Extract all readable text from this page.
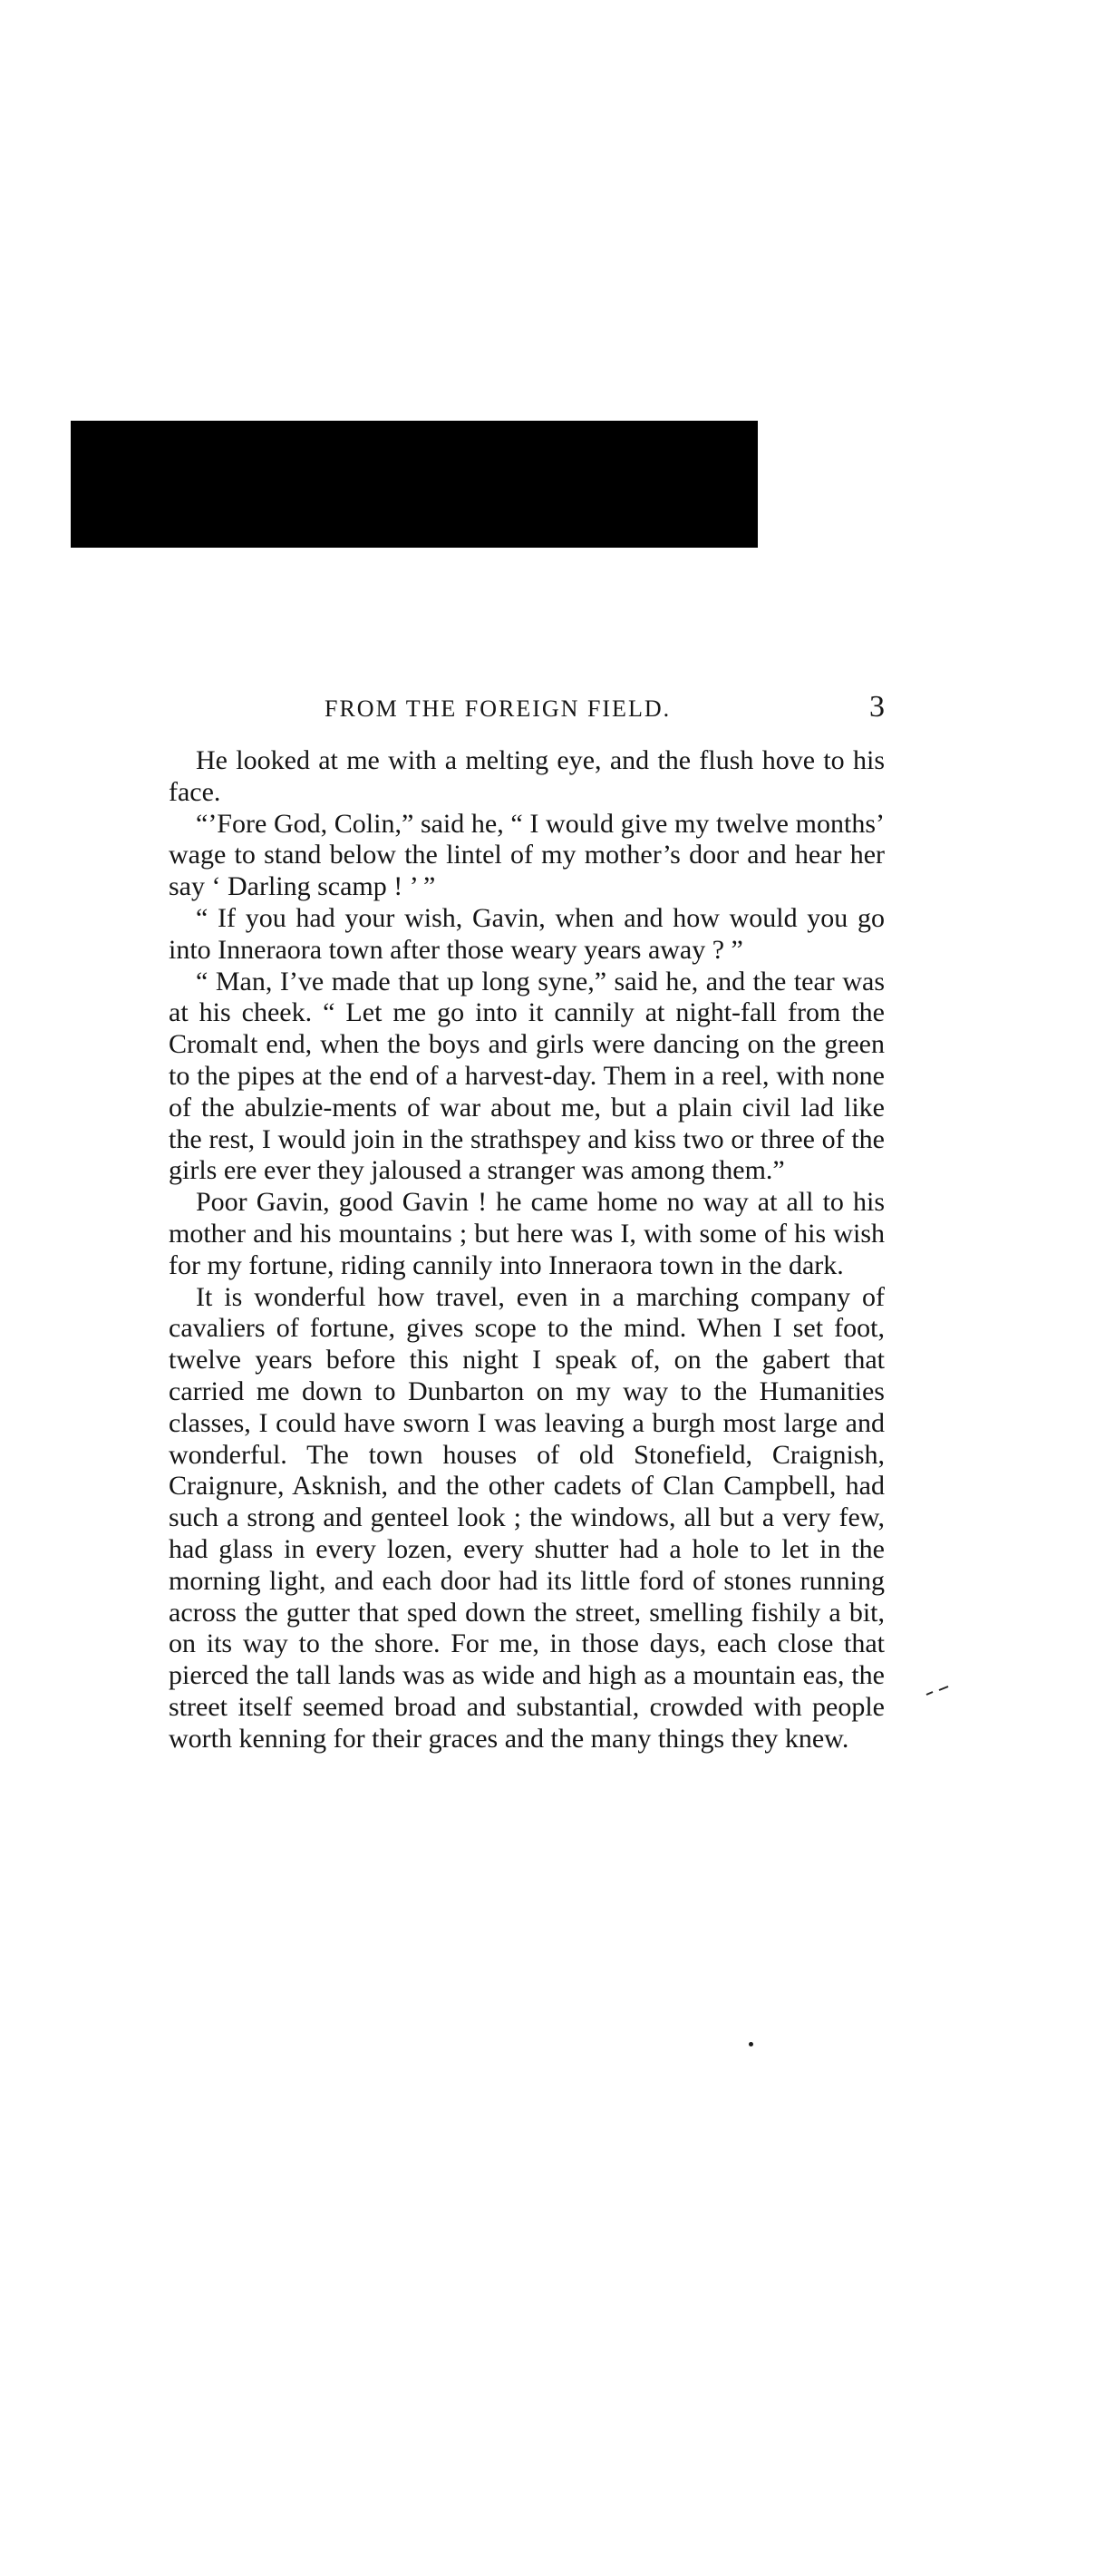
FROM THE FOREIGN FIELD.	3

He looked at me with a melting eye, and the flush hove to his face.

“’Fore God, Colin,” said he, “ I would give my twelve months’ wage to stand below the lintel of my mother’s door and hear her say ‘ Darling scamp ! ’ ”

“ If you had your wish, Gavin, when and how would you go into Inneraora town after those weary years away ? ”

“ Man, I’ve made that up long syne,” said he, and the tear was at his cheek. “ Let me go into it cannily at night-fall from the Cromalt end, when the boys and girls were dancing on the green to the pipes at the end of a harvest-day. Them in a reel, with none of the abulzie-ments of war about me, but a plain civil lad like the rest, I would join in the strathspey and kiss two or three of the girls ere ever they jaloused a stranger was among them.”

Poor Gavin, good Gavin ! he came home no way at all to his mother and his mountains ; but here was I, with some of his wish for my fortune, riding cannily into Inneraora town in the dark.

It is wonderful how travel, even in a marching company of cavaliers of fortune, gives scope to the mind. When I set foot, twelve years before this night I speak of, on the gabert that carried me down to Dunbarton on my way to the Humanities classes, I could have sworn I was leaving a burgh most large and wonderful. The town houses of old Stonefield, Craignish, Craignure, Asknish, and the other cadets of Clan Campbell, had such a strong and genteel look ; the windows, all but a very few, had glass in every lozen, every shutter had a hole to let in the morning light, and each door had its little ford of stones running across the gutter that sped down the street, smelling fishily a bit, on its way to the shore. For me, in those days, each close that pierced the tall lands was as wide and high as a mountain eas, the street itself seemed broad and substantial, crowded with people worth kenning for their graces and the many things they knew.
